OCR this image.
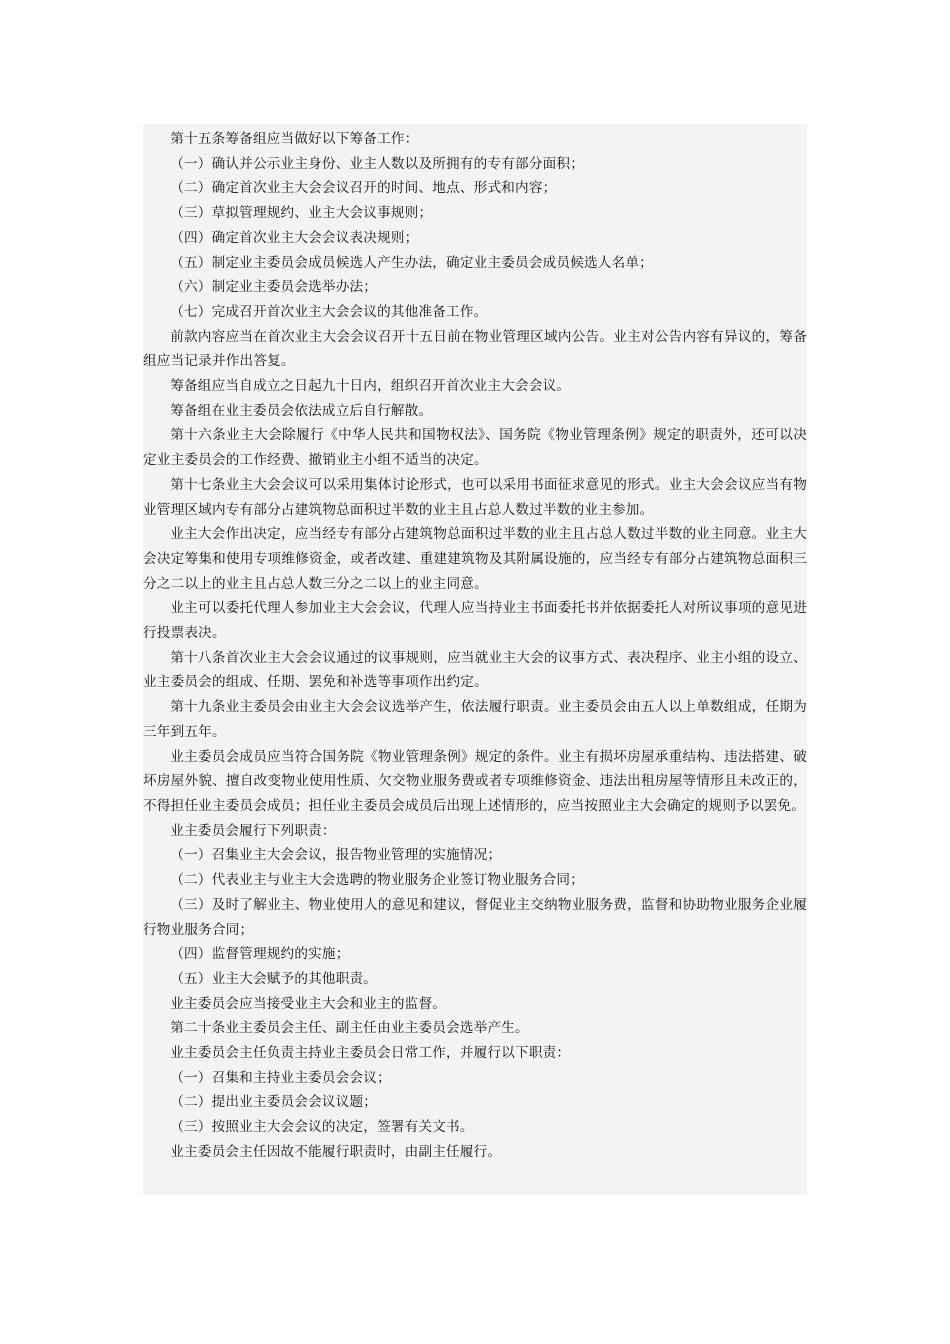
第十五条筹备组应当做好以下筹备工作：

（一）确认并公示业主身份、业主人数以及所拥有的专有部分面积；

（二）确定首次业主大会会议召开的时间、地点、形式和内容；

（三）草拟管理规约、业主大会议事规则；

（四）确定首次业主大会会议表决规则；

（五）制定业主委员会成员候选人产生办法，确定业主委员会成员候选人名单；

（六）制定业主委员会选举办法；

（七）完成召开首次业主大会会议的其他准备工作。

前款内容应当在首次业主大会会议召开十五日前在物业管理区域内公告。业主对公告内容有异议的，筹备组应当记录并作出答复。

筹备组应当自成立之日起九十日内，组织召开首次业主大会会议。

筹备组在业主委员会依法成立后自行解散。

第十六条业主大会除履行《中华人民共和国物权法》、国务院《物业管理条例》规定的职责外，还可以决定业主委员会的工作经费、撤销业主小组不适当的决定。

第十七条业主大会会议可以采用集体讨论形式，也可以采用书面征求意见的形式。业主大会会议应当有物业管理区域内专有部分占建筑物总面积过半数的业主且占总人数过半数的业主参加。

业主大会作出决定，应当经专有部分占建筑物总面积过半数的业主且占总人数过半数的业主同意。业主大会决定筹集和使用专项维修资金，或者改建、重建建筑物及其附属设施的，应当经专有部分占建筑物总面积三分之二以上的业主且占总人数三分之二以上的业主同意。

业主可以委托代理人参加业主大会会议，代理人应当持业主书面委托书并依据委托人对所议事项的意见进行投票表决。

第十八条首次业主大会会议通过的议事规则，应当就业主大会的议事方式、表决程序、业主小组的设立、业主委员会的组成、任期、罢免和补选等事项作出约定。

第十九条业主委员会由业主大会会议选举产生，依法履行职责。业主委员会由五人以上单数组成，任期为三年到五年。

业主委员会成员应当符合国务院《物业管理条例》规定的条件。业主有损坏房屋承重结构、违法搭建、破坏房屋外貌、擅自改变物业使用性质、欠交物业服务费或者专项维修资金、违法出租房屋等情形且未改正的，不得担任业主委员会成员；担任业主委员会成员后出现上述情形的，应当按照业主大会确定的规则予以罢免。

业主委员会履行下列职责：

（一）召集业主大会会议，报告物业管理的实施情况；

（二）代表业主与业主大会选聘的物业服务企业签订物业服务合同；

（三）及时了解业主、物业使用人的意见和建议，督促业主交纳物业服务费，监督和协助物业服务企业履行物业服务合同；

（四）监督管理规约的实施；

（五）业主大会赋予的其他职责。

业主委员会应当接受业主大会和业主的监督。

第二十条业主委员会主任、副主任由业主委员会选举产生。

业主委员会主任负责主持业主委员会日常工作，并履行以下职责：

（一）召集和主持业主委员会会议；

（二）提出业主委员会会议议题；

（三）按照业主大会会议的决定，签署有关文书。

业主委员会主任因故不能履行职责时，由副主任履行。
